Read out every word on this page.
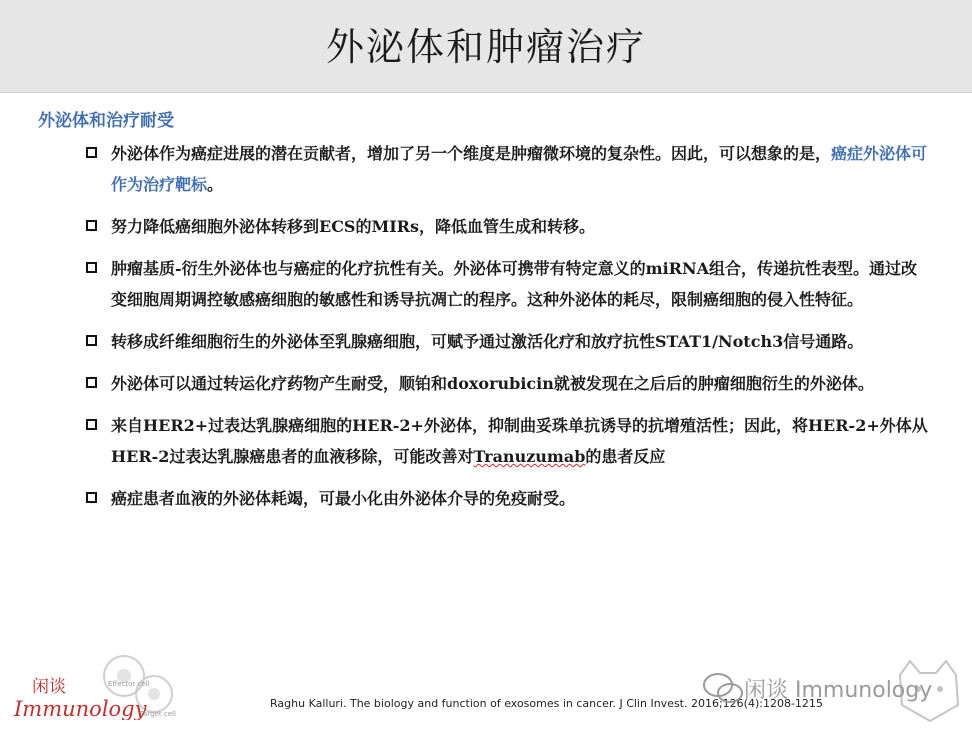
外泌体和肿瘤治疗
外泌体和治疗耐受
外泌体作为癌症进展的潜在贡献者，增加了另一个维度是肿瘤微环境的复杂性。因此，可以想象的是，癌症外泌体可作为治疗靶标。
努力降低癌细胞外泌体转移到ECS的MIRs，降低血管生成和转移。
肿瘤基质-衍生外泌体也与癌症的化疗抗性有关。外泌体可携带有特定意义的miRNA组合，传递抗性表型。通过改变细胞周期调控敏感癌细胞的敏感性和诱导抗凋亡的程序。这种外泌体的耗尽，限制癌细胞的侵入性特征。
转移成纤维细胞衍生的外泌体至乳腺癌细胞，可赋予通过激活化疗和放疗抗性STAT1/Notch3信号通路。
外泌体可以通过转运化疗药物产生耐受，顺铂和doxorubicin就被发现在之后后的肿瘤细胞衍生的外泌体。
来自HER2+过表达乳腺癌细胞的HER-2+外泌体，抑制曲妥珠单抗诱导的抗增殖活性；因此，将HER-2+外体从HER-2过表达乳腺癌患者的血液移除，可能改善对Tranuzumab的患者反应
癌症患者血液的外泌体耗竭，可最小化由外泌体介导的免疫耐受。
闲谈
Immunology
Effector cell
Target cell
Raghu Kalluri. The biology and function of exosomes in cancer. J Clin Invest. 2016;126(4):1208-1215
闲谈 Immunology
